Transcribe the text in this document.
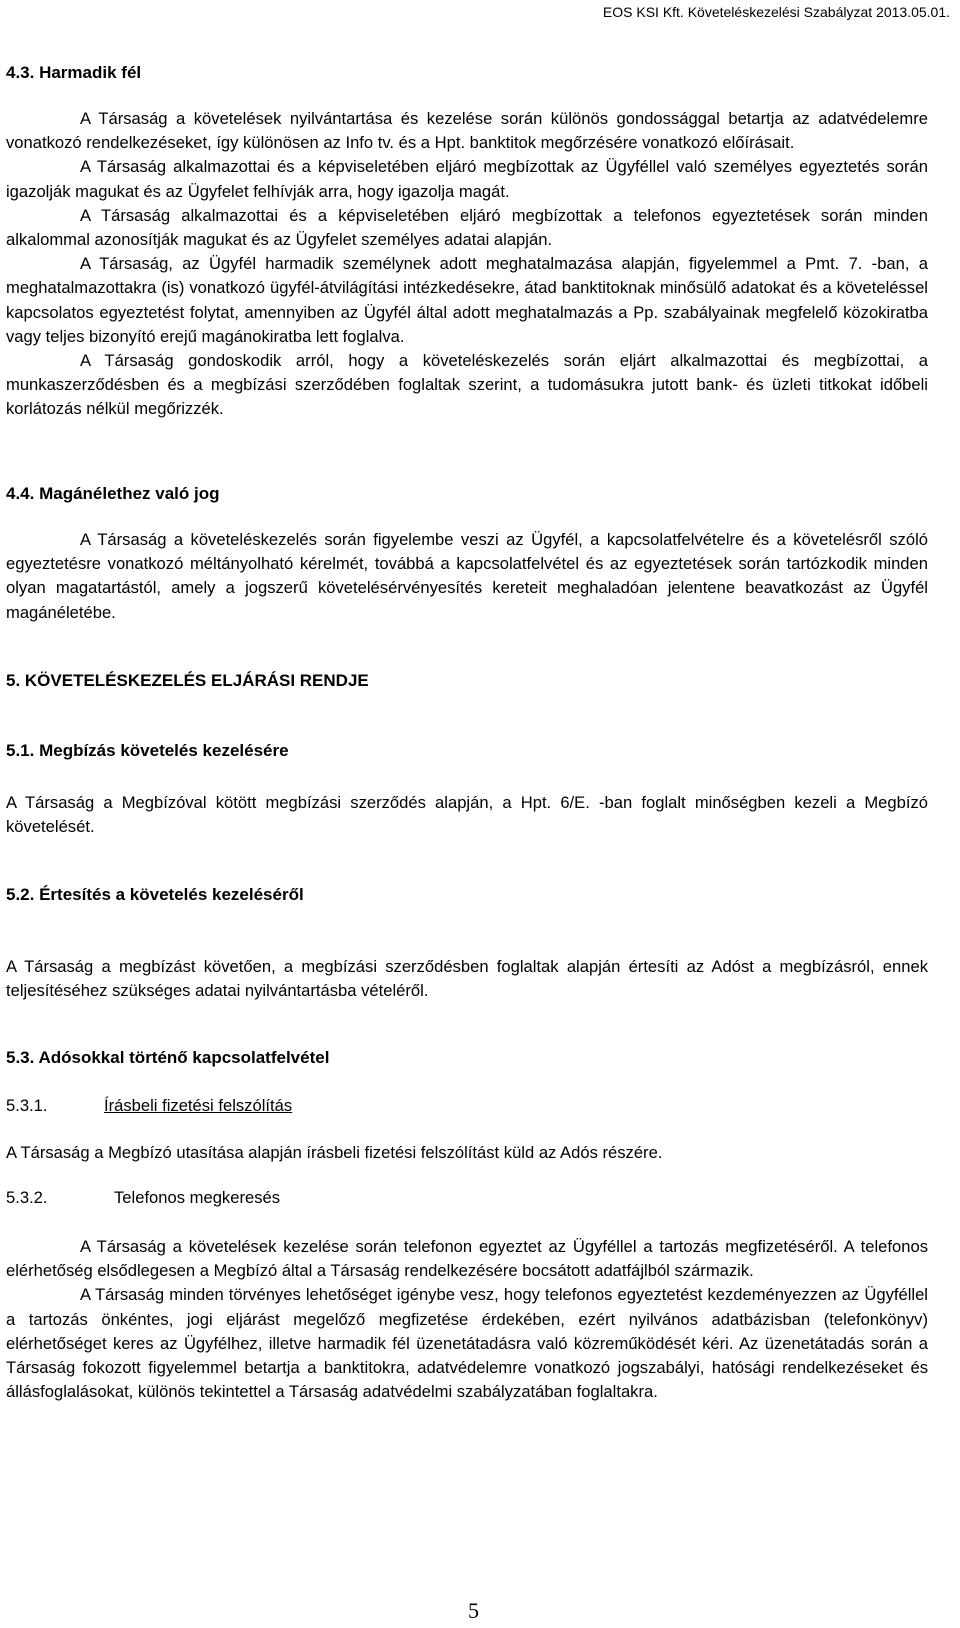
EOS KSI Kft. Követeléskezelési Szabályzat 2013.05.01.
4.3. Harmadik fél

A Társaság a követelések nyilvántartása és kezelése során különös gondossággal betartja az adatvédelemre vonatkozó rendelkezéseket, így különösen az Info tv. és a Hpt. banktitok megőrzésére vonatkozó előírásait.

A Társaság alkalmazottai és a képviseletében eljáró megbízottak az Ügyféllel való személyes egyeztetés során igazolják magukat és az Ügyfelet felhívják arra, hogy igazolja magát.

A Társaság alkalmazottai és a képviseletében eljáró megbízottak a telefonos egyeztetések során minden alkalommal azonosítják magukat és az Ügyfelet személyes adatai alapján.

A Társaság, az Ügyfél harmadik személynek adott meghatalmazása alapján, figyelemmel a Pmt. 7. -ban, a meghatalmazottakra (is) vonatkozó ügyfél-átvilágítási intézkedésekre, átad banktitoknak minősülő adatokat és a követeléssel kapcsolatos egyeztetést folytat, amennyiben az Ügyfél által adott meghatalmazás a Pp. szabályainak megfelelő közokiratba vagy teljes bizonyító erejű magánokiratba lett foglalva.

A Társaság gondoskodik arról, hogy a követeléskezelés során eljárt alkalmazottai és megbízottai, a munkaszerződésben és a megbízási szerződében foglaltak szerint, a tudomásukra jutott bank- és üzleti titkokat időbeli korlátozás nélkül megőrizzék.

4.4. Magánélethez való jog

A Társaság a követeléskezelés során figyelembe veszi az Ügyfél, a kapcsolatfelvételre és a követelésről szóló egyeztetésre vonatkozó méltányolható kérelmét, továbbá a kapcsolatfelvétel és az egyeztetések során tartózkodik minden olyan magatartástól, amely a jogszerű követelésérvényesítés kereteit meghaladóan jelentene beavatkozást az Ügyfél magánéletébe.

5. KÖVETELÉSKEZELÉS ELJÁRÁSI RENDJE
5.1. Megbízás követelés kezelésére

A Társaság a Megbízóval kötött megbízási szerződés alapján, a Hpt. 6/E. -ban foglalt minőségben kezeli a Megbízó követelését.

5.2. Értesítés a követelés kezeléséről

A Társaság a megbízást követően, a megbízási szerződésben foglaltak alapján értesíti az Adóst a megbízásról, ennek teljesítéséhez szükséges adatai nyilvántartásba vételéről.

5.3. Adósokkal történő kapcsolatfelvétel
5.3.1.	Írásbeli fizetési felszólítás

A Társaság a Megbízó utasítása alapján írásbeli fizetési felszólítást küld az Adós részére.

5.3.2.	Telefonos megkeresés

A Társaság a követelések kezelése során telefonon egyeztet az Ügyféllel a tartozás megfizetéséről. A telefonos elérhetőség elsődlegesen a Megbízó által a Társaság rendelkezésére bocsátott adatfájlból származik.

A Társaság minden törvényes lehetőséget igénybe vesz, hogy telefonos egyeztetést kezdeményezzen az Ügyféllel a tartozás önkéntes, jogi eljárást megelőző megfizetése érdekében, ezért nyilvános adatbázisban (telefonkönyv) elérhetőséget keres az Ügyfélhez, illetve harmadik fél üzenetátadásra való közreműködését kéri. Az üzenetátadás során a Társaság fokozott figyelemmel betartja a banktitokra, adatvédelemre vonatkozó jogszabályi, hatósági rendelkezéseket és állásfoglalásokat, különös tekintettel a Társaság adatvédelmi szabályzatában foglaltakra.

5
